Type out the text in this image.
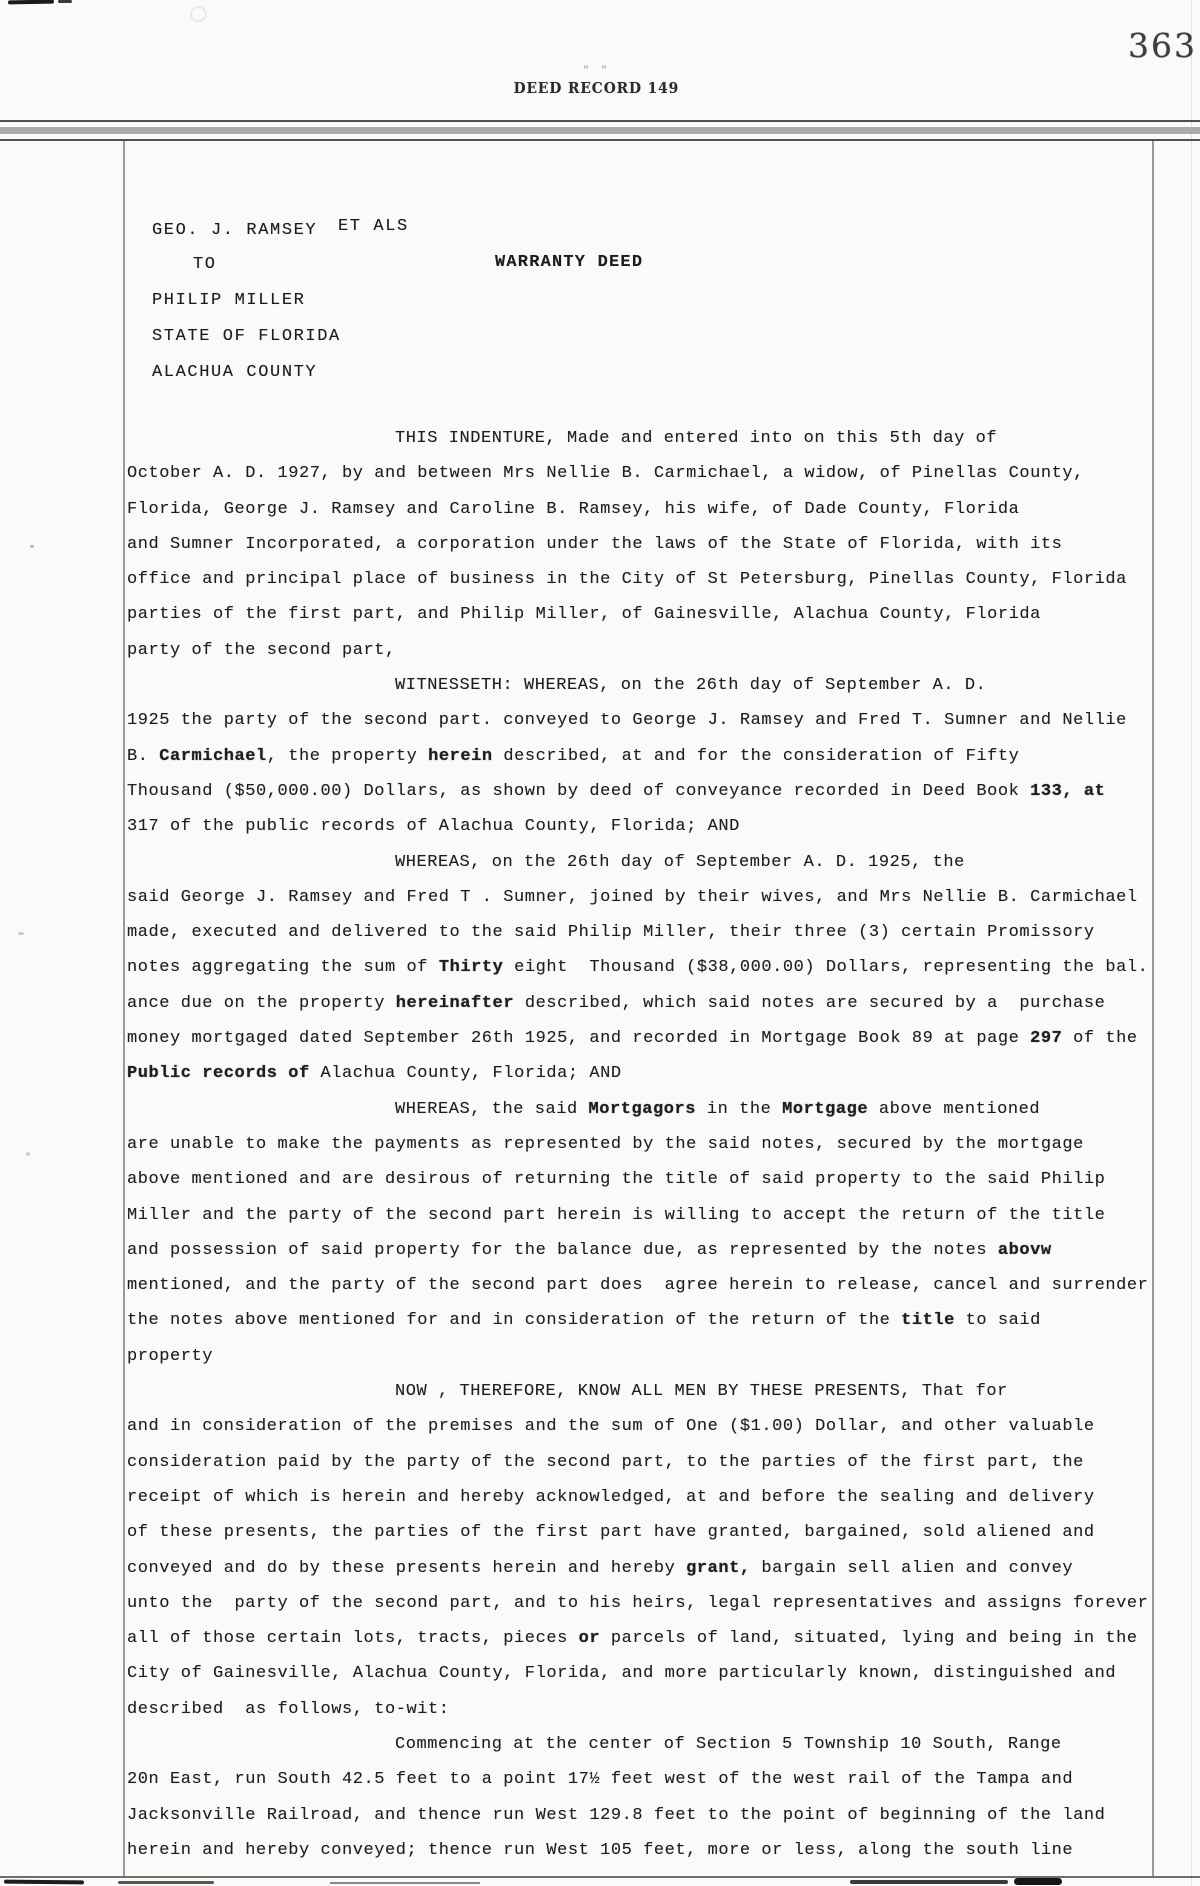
363
″ ″
DEED RECORD 149
GEO. J. RAMSEY ET ALS
TO	WARRANTY DEED
PHILIP MILLER
STATE OF FLORIDA
ALACHUA COUNTY
THIS INDENTURE, Made and entered into on this 5th day of
October A. D. 1927, by and between Mrs Nellie B. Carmichael, a widow, of Pinellas County,
Florida, George J. Ramsey and Caroline B. Ramsey, his wife, of Dade County, Florida
and Sumner Incorporated, a corporation under the laws of the State of Florida, with its
office and principal place of business in the City of St Petersburg, Pinellas County, Florida
parties of the first part, and Philip Miller, of Gainesville, Alachua County, Florida
party of the second part,
WITNESSETH: WHEREAS, on the 26th day of September A. D.
1925 the party of the second part. conveyed to George J. Ramsey and Fred T. Sumner and Nellie
B. Carmichael, the property herein described, at and for the consideration of Fifty
Thousand ($50,000.00) Dollars, as shown by deed of conveyance recorded in Deed Book 133, at
317 of the public records of Alachua County, Florida; AND
WHEREAS, on the 26th day of September A. D. 1925, the
said George J. Ramsey and Fred T . Sumner, joined by their wives, and Mrs Nellie B. Carmichael
made, executed and delivered to the said Philip Miller, their three (3) certain Promissory
notes aggregating the sum of Thirty eight  Thousand ($38,000.00) Dollars, representing the bal.
ance due on the property hereinafter described, which said notes are secured by a  purchase
money mortgaged dated September 26th 1925, and recorded in Mortgage Book 89 at page 297 of the
Public records of Alachua County, Florida; AND
WHEREAS, the said Mortgagors in the Mortgage above mentioned
are unable to make the payments as represented by the said notes, secured by the mortgage
above mentioned and are desirous of returning the title of said property to the said Philip
Miller and the party of the second part herein is willing to accept the return of the title
and possession of said property for the balance due, as represented by the notes abovw
mentioned, and the party of the second part does  agree herein to release, cancel and surrender
the notes above mentioned for and in consideration of the return of the title to said
property
NOW , THEREFORE, KNOW ALL MEN BY THESE PRESENTS, That for
and in consideration of the premises and the sum of One ($1.00) Dollar, and other valuable
consideration paid by the party of the second part, to the parties of the first part, the
receipt of which is herein and hereby acknowledged, at and before the sealing and delivery
of these presents, the parties of the first part have granted, bargained, sold aliened and
conveyed and do by these presents herein and hereby grant, bargain sell alien and convey
unto the  party of the second part, and to his heirs, legal representatives and assigns forever
all of those certain lots, tracts, pieces or parcels of land, situated, lying and being in the
City of Gainesville, Alachua County, Florida, and more particularly known, distinguished and
described  as follows, to-wit:
Commencing at the center of Section 5 Township 10 South, Range
20n East, run South 42.5 feet to a point 17½ feet west of the west rail of the Tampa and
Jacksonville Railroad, and thence run West 129.8 feet to the point of beginning of the land
herein and hereby conveyed; thence run West 105 feet, more or less, along the south line
